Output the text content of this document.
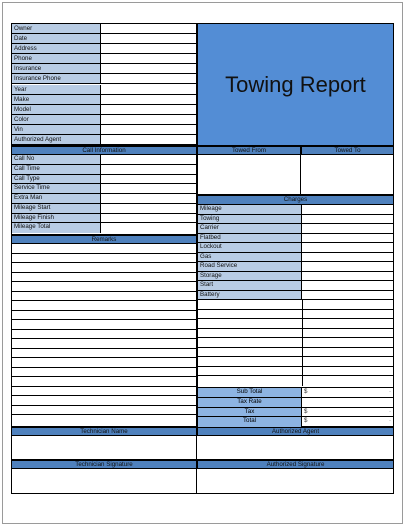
Owner
Date
Address
Phone
Insurance
Insurance Phone
Year
Make
Model
Color
Vin
Authorized Agent
Towing Report
Call Information	Towed From	Towed To
Call No
Call Time
Call Type
Service Time
Extra Man
Mileage Start
Mileage Finish
Mileage Total
Charges
Mileage
Towing
Carrier
Flatbed
Lockout
Gas
Road Service
Storage
Start
Battery
Remarks
Sub Total	$	-
Tax Rate
Tax	$	-
Total	$	-
Technician Name	Authorized Agent
Technician Signature	Authorized Signature
